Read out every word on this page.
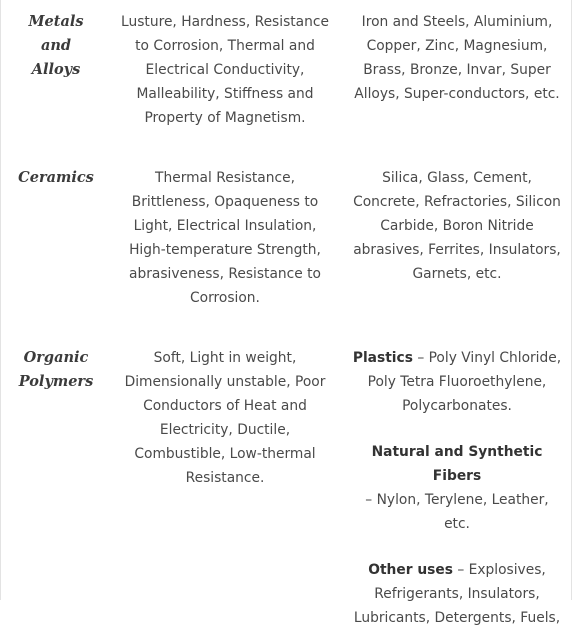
Metals
and
Alloys
Lusture, Hardness, Resistance
to Corrosion, Thermal and
Electrical Conductivity,
Malleability, Stiffness and
Property of Magnetism.
Iron and Steels, Aluminium,
Copper, Zinc, Magnesium,
Brass, Bronze, Invar, Super
Alloys, Super-conductors, etc.
Ceramics	Thermal Resistance,
Brittleness, Opaqueness to
Light, Electrical Insulation,
High-temperature Strength,
abrasiveness, Resistance to
Corrosion.
Silica, Glass, Cement,
Concrete, Refractories, Silicon
Carbide, Boron Nitride
abrasives, Ferrites, Insulators,
Garnets, etc.
Organic
Polymers
Soft, Light in weight,
Dimensionally unstable, Poor
Conductors of Heat and
Electricity, Ductile,
Combustible, Low-thermal
Resistance.
Plastics – Poly Vinyl Chloride,
Poly Tetra Fluoroethylene,
Polycarbonates.
Natural and Synthetic Fibers
– Nylon, Terylene, Leather,
etc.
Other uses – Explosives,
Refrigerants, Insulators,
Lubricants, Detergents, Fuels,
